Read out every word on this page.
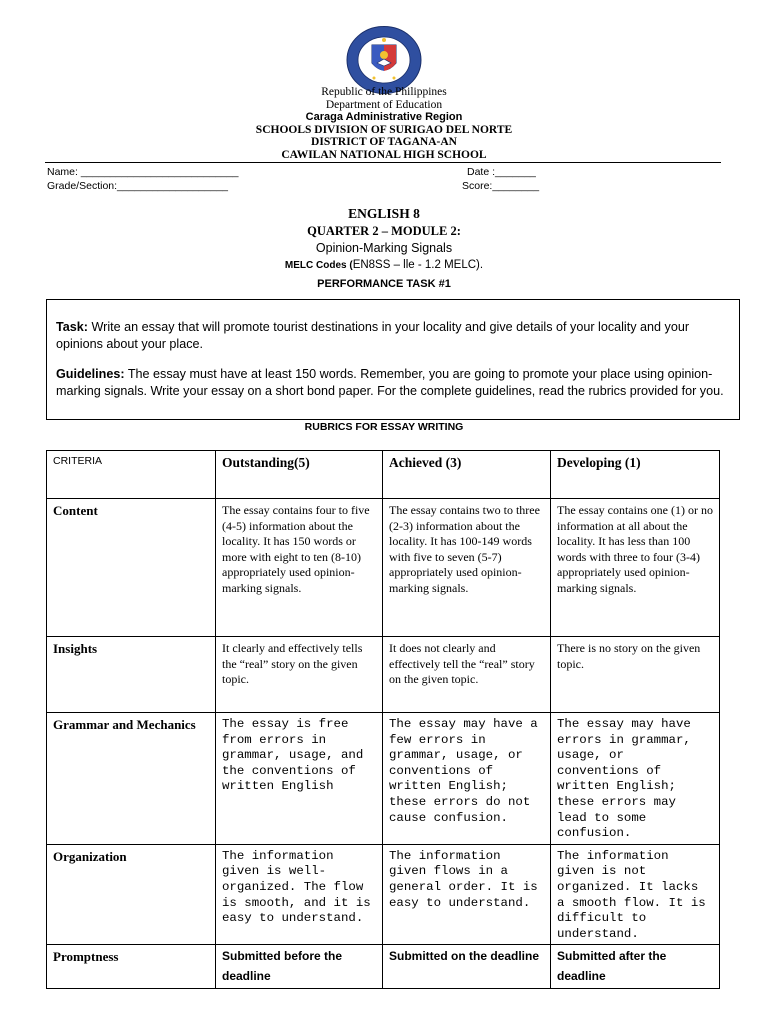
Republic of the Philippines
Department of Education
Caraga Administrative Region
SCHOOLS DIVISION OF SURIGAO DEL NORTE
DISTRICT OF TAGANA-AN
CAWILAN NATIONAL HIGH SCHOOL
Name: ___________________________	Date :_______
Grade/Section:___________________	Score:________
ENGLISH 8
QUARTER 2 – MODULE 2:
Opinion-Marking Signals
MELC Codes (EN8SS – lle - 1.2 MELC).
PERFORMANCE TASK #1
Task: Write an essay that will promote tourist destinations in your locality and give details of your locality and your opinions about your place.
Guidelines: The essay must have at least 150 words. Remember, you are going to promote your place using opinion-marking signals. Write your essay on a short bond paper. For the complete guidelines, read the rubrics provided for you.
RUBRICS FOR ESSAY WRITING
CRITERIA	Outstanding(5)	Achieved (3)	Developing (1)
Content	The essay contains four to five (4-5) information about the locality. It has 150 words or more with eight to ten (8-10) appropriately used opinion-marking signals.	The essay contains two to three (2-3) information about the locality. It has 100-149 words with five to seven (5-7) appropriately used opinion-marking signals.	The essay contains one (1) or no information at all about the locality. It has less than 100 words with three to four (3-4) appropriately used opinion-marking signals.
Insights	It clearly and effectively tells the “real” story on the given topic.	It does not clearly and effectively tell the “real” story on the given topic.	There is no story on the given topic.
Grammar and Mechanics	The essay is free from errors in grammar, usage, and the conventions of written English	The essay may have a few errors in grammar, usage, or conventions of written English; these errors do not cause confusion.	The essay may have errors in grammar, usage, or conventions of written English; these errors may lead to some confusion.
Organization	The information given is well-organized. The flow is smooth, and it is easy to understand.	The information given flows in a general order. It is easy to understand.	The information given is not organized. It lacks a smooth flow. It is difficult to understand.
Promptness	Submitted before the deadline	Submitted on the deadline	Submitted after the deadline
